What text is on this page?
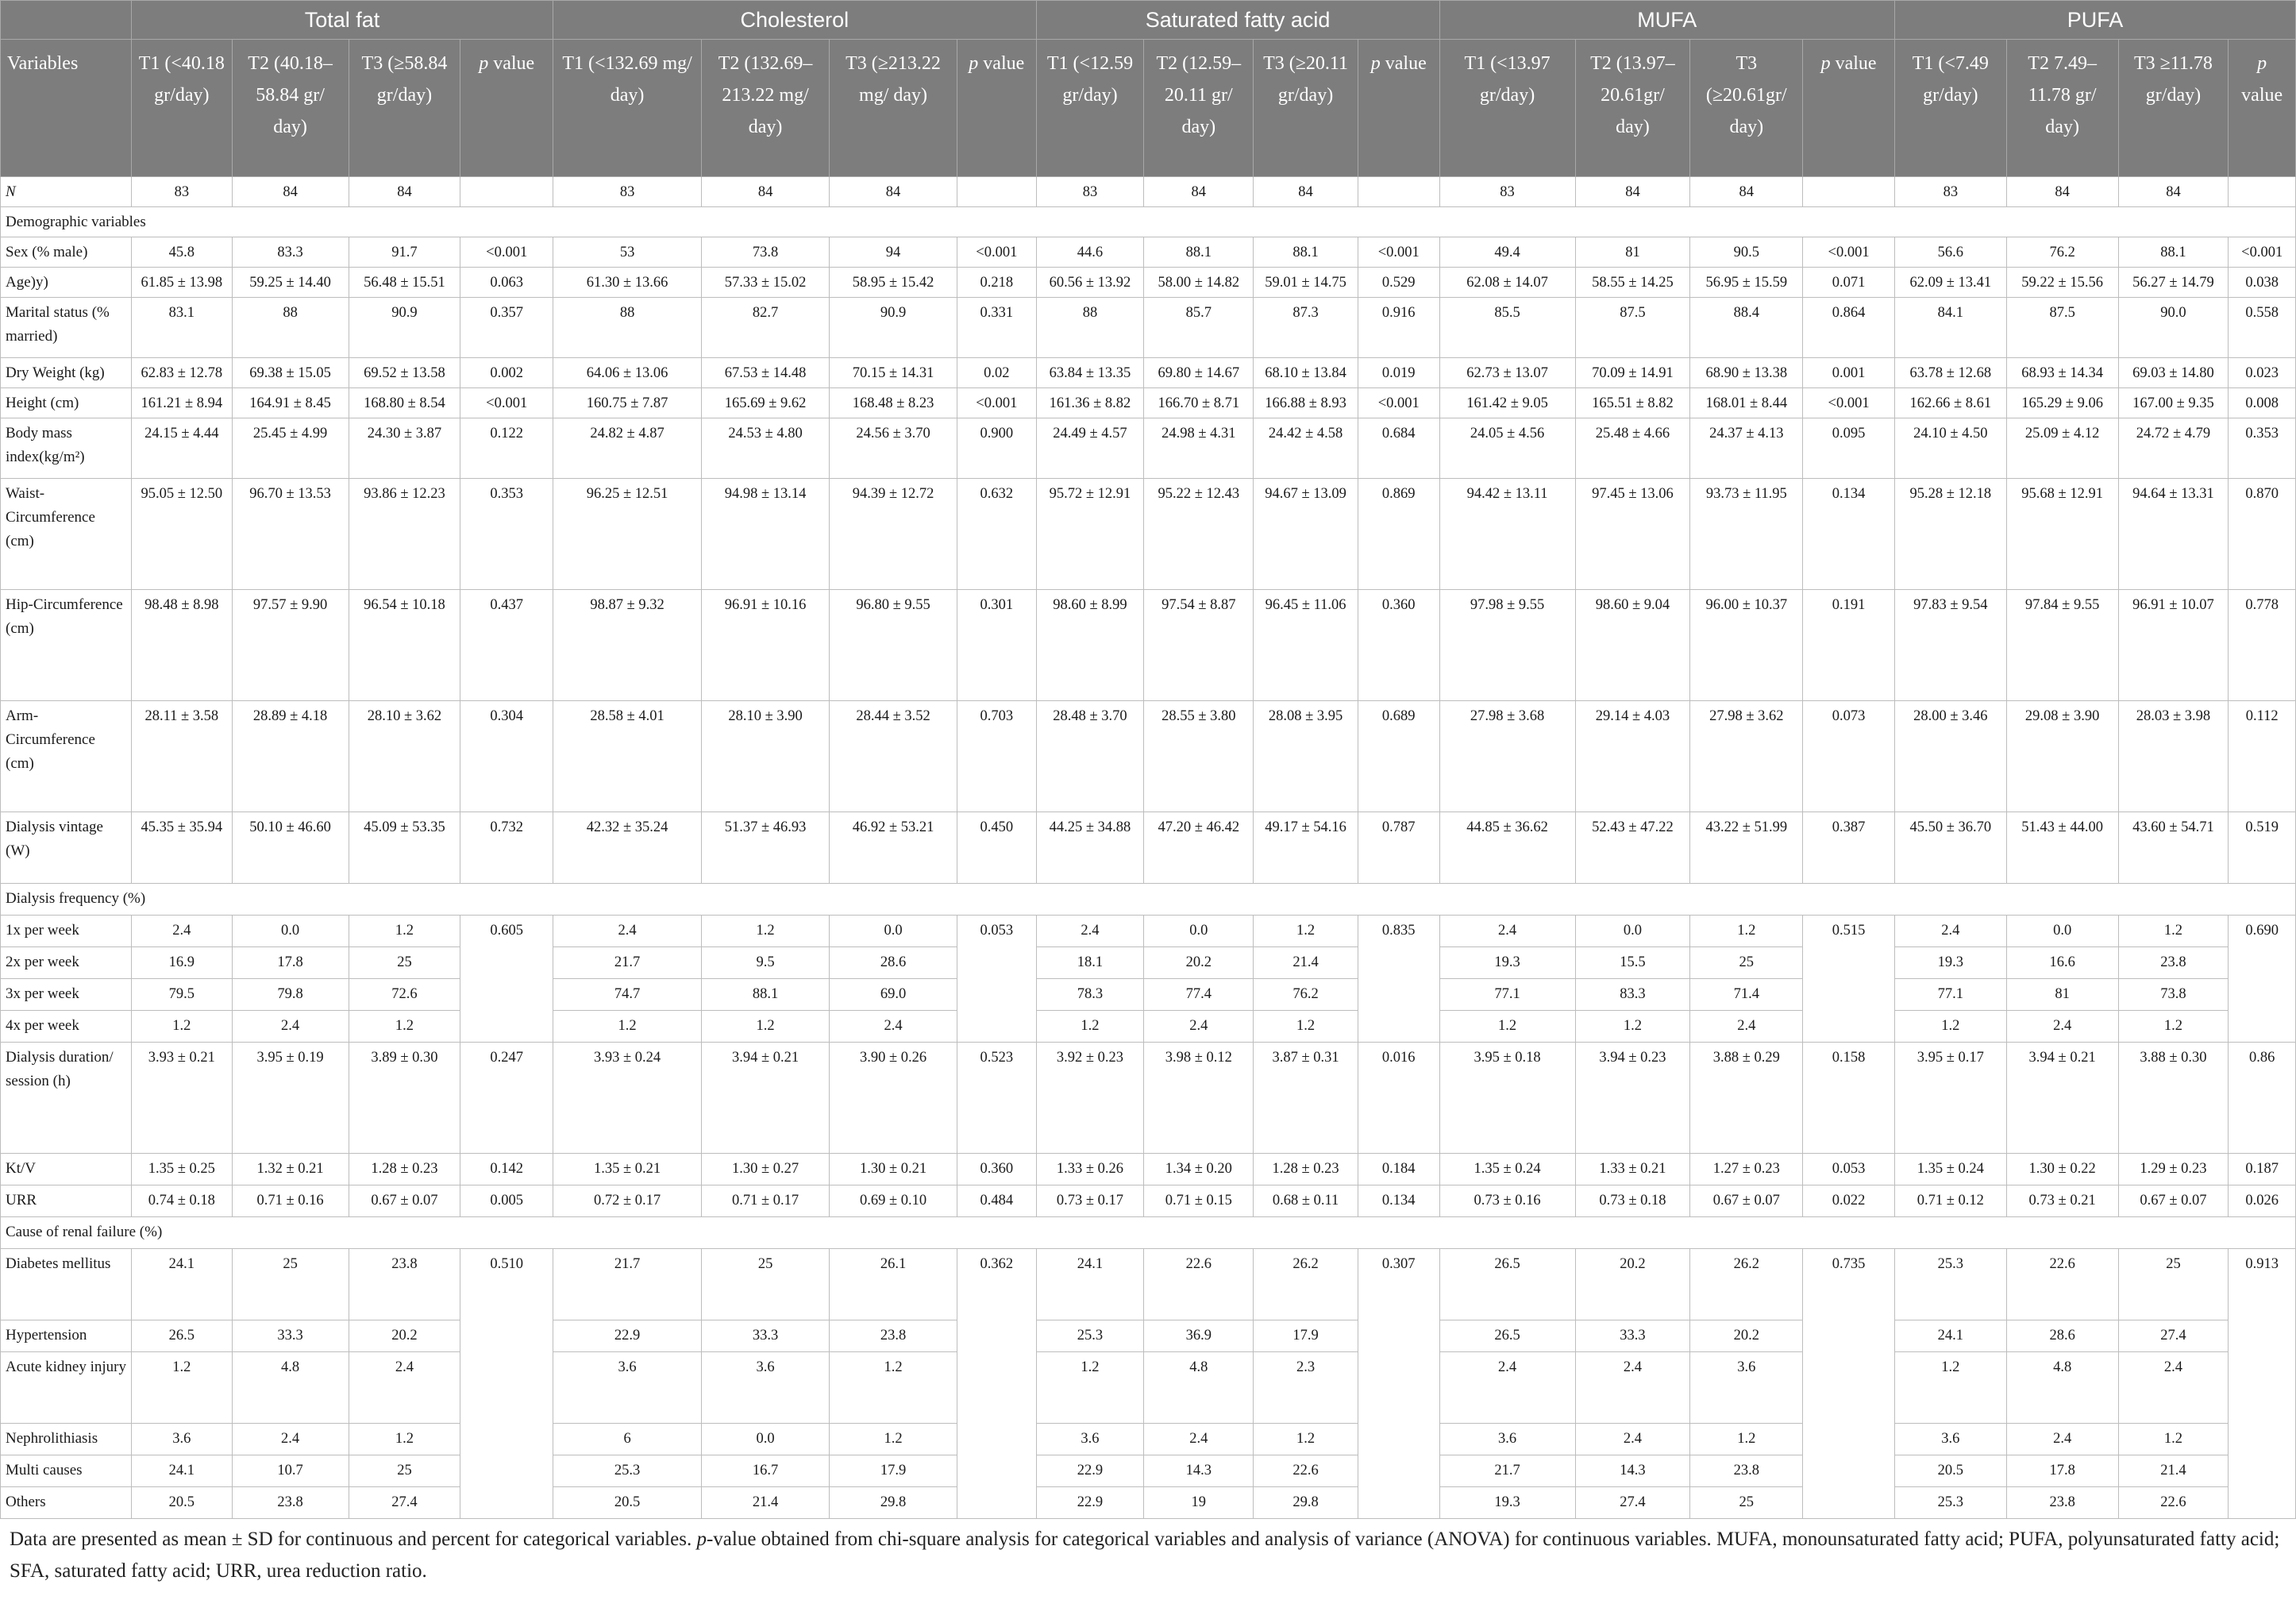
	Total fat				Cholesterol				Saturated fatty acid				MUFA				PUFA			
Variables	T1 (<40.18 gr/day)	T2 (40.18–58.84 gr/ day)	T3 (≥58.84 gr/day)	p value	T1 (<132.69 mg/ day)	T2 (132.69–213.22 mg/ day)	T3 (≥213.22 mg/ day)	p value	T1 (<12.59 gr/day)	T2 (12.59–20.11 gr/ day)	T3 (≥20.11 gr/day)	p value	T1 (<13.97 gr/day)	T2 (13.97–20.61gr/ day)	T3 (≥20.61gr/ day)	p value	T1 (<7.49 gr/day)	T2 7.49–11.78 gr/ day)	T3 ≥11.78 gr/day)	p value
N	83	84	84		83	84	84		83	84	84		83	84	84		83	84	84	
Demographic variables																				
Sex (% male)	45.8	83.3	91.7	<0.001	53	73.8	94	<0.001	44.6	88.1	88.1	<0.001	49.4	81	90.5	<0.001	56.6	76.2	88.1	<0.001
Age)y)	61.85 ± 13.98	59.25 ± 14.40	56.48 ± 15.51	0.063	61.30 ± 13.66	57.33 ± 15.02	58.95 ± 15.42	0.218	60.56 ± 13.92	58.00 ± 14.82	59.01 ± 14.75	0.529	62.08 ± 14.07	58.55 ± 14.25	56.95 ± 15.59	0.071	62.09 ± 13.41	59.22 ± 15.56	56.27 ± 14.79	0.038
Marital status (% married)	83.1	88	90.9	0.357	88	82.7	90.9	0.331	88	85.7	87.3	0.916	85.5	87.5	88.4	0.864	84.1	87.5	90.0	0.558
Dry Weight (kg)	62.83 ± 12.78	69.38 ± 15.05	69.52 ± 13.58	0.002	64.06 ± 13.06	67.53 ± 14.48	70.15 ± 14.31	0.02	63.84 ± 13.35	69.80 ± 14.67	68.10 ± 13.84	0.019	62.73 ± 13.07	70.09 ± 14.91	68.90 ± 13.38	0.001	63.78 ± 12.68	68.93 ± 14.34	69.03 ± 14.80	0.023
Height (cm)	161.21 ± 8.94	164.91 ± 8.45	168.80 ± 8.54	<0.001	160.75 ± 7.87	165.69 ± 9.62	168.48 ± 8.23	<0.001	161.36 ± 8.82	166.70 ± 8.71	166.88 ± 8.93	<0.001	161.42 ± 9.05	165.51 ± 8.82	168.01 ± 8.44	<0.001	162.66 ± 8.61	165.29 ± 9.06	167.00 ± 9.35	0.008
Body mass index(kg/m²)	24.15 ± 4.44	25.45 ± 4.99	24.30 ± 3.87	0.122	24.82 ± 4.87	24.53 ± 4.80	24.56 ± 3.70	0.900	24.49 ± 4.57	24.98 ± 4.31	24.42 ± 4.58	0.684	24.05 ± 4.56	25.48 ± 4.66	24.37 ± 4.13	0.095	24.10 ± 4.50	25.09 ± 4.12	24.72 ± 4.79	0.353
Waist-Circumference (cm)	95.05 ± 12.50	96.70 ± 13.53	93.86 ± 12.23	0.353	96.25 ± 12.51	94.98 ± 13.14	94.39 ± 12.72	0.632	95.72 ± 12.91	95.22 ± 12.43	94.67 ± 13.09	0.869	94.42 ± 13.11	97.45 ± 13.06	93.73 ± 11.95	0.134	95.28 ± 12.18	95.68 ± 12.91	94.64 ± 13.31	0.870
Hip-Circumference (cm)	98.48 ± 8.98	97.57 ± 9.90	96.54 ± 10.18	0.437	98.87 ± 9.32	96.91 ± 10.16	96.80 ± 9.55	0.301	98.60 ± 8.99	97.54 ± 8.87	96.45 ± 11.06	0.360	97.98 ± 9.55	98.60 ± 9.04	96.00 ± 10.37	0.191	97.83 ± 9.54	97.84 ± 9.55	96.91 ± 10.07	0.778
Arm-Circumference (cm)	28.11 ± 3.58	28.89 ± 4.18	28.10 ± 3.62	0.304	28.58 ± 4.01	28.10 ± 3.90	28.44 ± 3.52	0.703	28.48 ± 3.70	28.55 ± 3.80	28.08 ± 3.95	0.689	27.98 ± 3.68	29.14 ± 4.03	27.98 ± 3.62	0.073	28.00 ± 3.46	29.08 ± 3.90	28.03 ± 3.98	0.112
Dialysis vintage (W)	45.35 ± 35.94	50.10 ± 46.60	45.09 ± 53.35	0.732	42.32 ± 35.24	51.37 ± 46.93	46.92 ± 53.21	0.450	44.25 ± 34.88	47.20 ± 46.42	49.17 ± 54.16	0.787	44.85 ± 36.62	52.43 ± 47.22	43.22 ± 51.99	0.387	45.50 ± 36.70	51.43 ± 44.00	43.60 ± 54.71	0.519
Dialysis frequency (%)																				
1x per week	2.4	0.0	1.2	0.605	2.4	1.2	0.0	0.053	2.4	0.0	1.2	0.835	2.4	0.0	1.2	0.515	2.4	0.0	1.2	0.690
2x per week	16.9	17.8	25		21.7	9.5	28.6		18.1	20.2	21.4		19.3	15.5	25		19.3	16.6	23.8	
3x per week	79.5	79.8	72.6		74.7	88.1	69.0		78.3	77.4	76.2		77.1	83.3	71.4		77.1	81	73.8	
4x per week	1.2	2.4	1.2		1.2	1.2	2.4		1.2	2.4	1.2		1.2	1.2	2.4		1.2	2.4	1.2	
Dialysis duration/ session (h)	3.93 ± 0.21	3.95 ± 0.19	3.89 ± 0.30	0.247	3.93 ± 0.24	3.94 ± 0.21	3.90 ± 0.26	0.523	3.92 ± 0.23	3.98 ± 0.12	3.87 ± 0.31	0.016	3.95 ± 0.18	3.94 ± 0.23	3.88 ± 0.29	0.158	3.95 ± 0.17	3.94 ± 0.21	3.88 ± 0.30	0.86
Kt/V	1.35 ± 0.25	1.32 ± 0.21	1.28 ± 0.23	0.142	1.35 ± 0.21	1.30 ± 0.27	1.30 ± 0.21	0.360	1.33 ± 0.26	1.34 ± 0.20	1.28 ± 0.23	0.184	1.35 ± 0.24	1.33 ± 0.21	1.27 ± 0.23	0.053	1.35 ± 0.24	1.30 ± 0.22	1.29 ± 0.23	0.187
URR	0.74 ± 0.18	0.71 ± 0.16	0.67 ± 0.07	0.005	0.72 ± 0.17	0.71 ± 0.17	0.69 ± 0.10	0.484	0.73 ± 0.17	0.71 ± 0.15	0.68 ± 0.11	0.134	0.73 ± 0.16	0.73 ± 0.18	0.67 ± 0.07	0.022	0.71 ± 0.12	0.73 ± 0.21	0.67 ± 0.07	0.026
Cause of renal failure (%)																				
Diabetes mellitus	24.1	25	23.8	0.510	21.7	25	26.1	0.362	24.1	22.6	26.2	0.307	26.5	20.2	26.2	0.735	25.3	22.6	25	0.913
Hypertension	26.5	33.3	20.2		22.9	33.3	23.8		25.3	36.9	17.9		26.5	33.3	20.2		24.1	28.6	27.4	
Acute kidney injury	1.2	4.8	2.4		3.6	3.6	1.2		1.2	4.8	2.3		2.4	2.4	3.6		1.2	4.8	2.4	
Nephrolithiasis	3.6	2.4	1.2		6	0.0	1.2		3.6	2.4	1.2		3.6	2.4	1.2		3.6	2.4	1.2	
Multi causes	24.1	10.7	25		25.3	16.7	17.9		22.9	14.3	22.6		21.7	14.3	23.8		20.5	17.8	21.4	
Others	20.5	23.8	27.4		20.5	21.4	29.8		22.9	19	29.8		19.3	27.4	25		25.3	23.8	22.6	
Data are presented as mean ± SD for continuous and percent for categorical variables. p-value obtained from chi-square analysis for categorical variables and analysis of variance (ANOVA) for continuous variables. MUFA, monounsaturated fatty acid; PUFA, polyunsaturated fatty acid; SFA, saturated fatty acid; URR, urea reduction ratio.
